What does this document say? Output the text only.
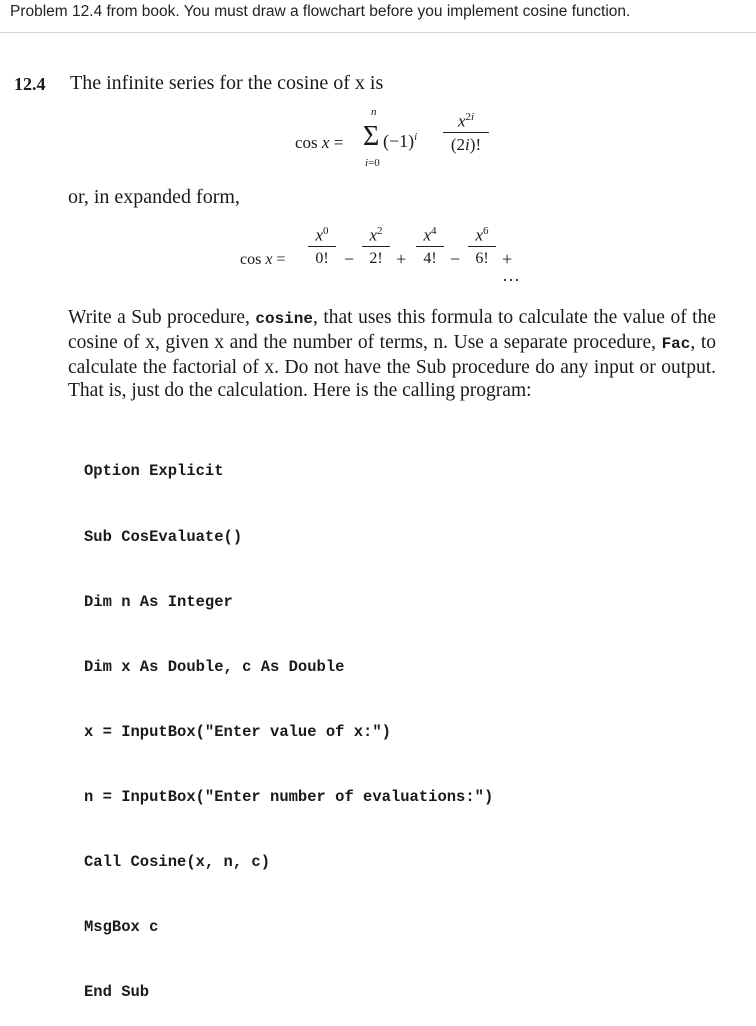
Problem 12.4 from book. You must draw a flowchart before you implement cosine function.
12.4 The infinite series for the cosine of x is
cos x =
n
Σ
i=0
$(-1)^i \frac{x^{2i}}{(2i)!}$
or, in expanded form,
$\cos x = \frac{x^0}{0!} - \frac{x^2}{2!} + \frac{x^4}{4!} - \frac{x^6}{6!}$ + ···
Write a Sub procedure, cosine, that uses this formula to calculate the value of the cosine of x, given x and the number of terms, n. Use a separate procedure, Fac, to calculate the factorial of x. Do not have the Sub procedure do any input or output. That is, just do the calculation. Here is the calling program:

Option Explicit

Sub CosEvaluate()

Dim n As Integer

Dim x As Double, c As Double

x = InputBox("Enter value of x:")

n = InputBox("Enter number of evaluations:")

Call Cosine(x, n, c)

MsgBox c

End Sub
